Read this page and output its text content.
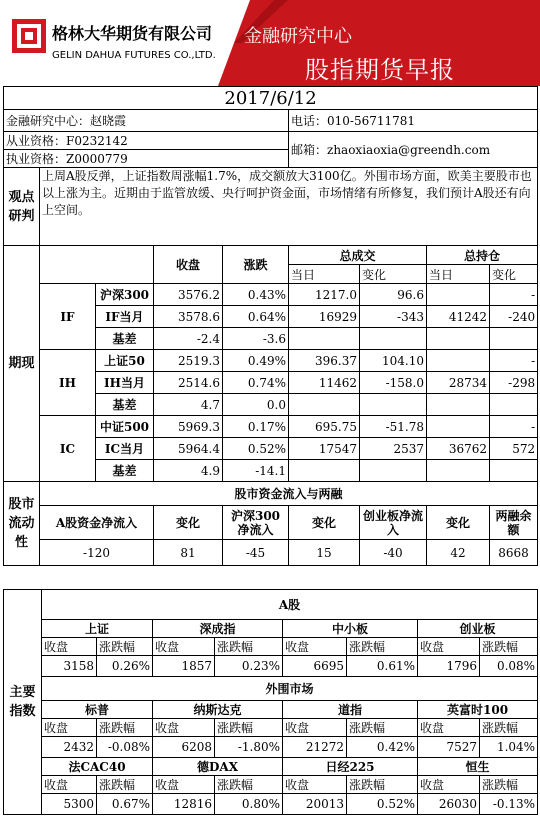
格林大华期货有限公司
GELIN DAHUA FUTURES CO.,LTD.
金融研究中心
股指期货早报
2017/6/12								
金融研究中心：赵晓霞					电话：010-56711781			
从业资格：F0232142					邮箱：zhaoxiaoxia@greendh.com			
执业资格：Z0000779								
观点研判	上周A股反弹，上证指数周涨幅1.7%，成交额放大3100亿。外围市场方面，欧美主要股市也以上涨为主。近期由于监管放缓、央行呵护资金面，市场情绪有所修复，我们预计A股还有向上空间。							
期现			收盘	涨跌	总成交		总持仓	
					当日	变化	当日	变化
	IF	沪深300	3576.2	0.43%	1217.0	96.6		-
		IF当月	3578.6	0.64%	16929	-343	41242	-240
		基差	-2.4	-3.6				
	IH	上证50	2519.3	0.49%	396.37	104.10		-
		IH当月	2514.6	0.74%	11462	-158.0	28734	-298
		基差	4.7	0.0				
	IC	中证500	5969.3	0.17%	695.75	-51.78		-
		IC当月	5964.4	0.52%	17547	2537	36762	572
		基差	4.9	-14.1				
股市流动性	股市资金流入与两融							
	A股资金净流入		变化	沪深300净流入	变化	创业板净流入	变化	两融余额
	-120		81	-45	15	-40	42	8668
主要指数	A股							
	上证		深成指		中小板		创业板	
	收盘	涨跌幅	收盘	涨跌幅	收盘	涨跌幅	收盘	涨跌幅
	3158	0.26%	1857	0.23%	6695	0.61%	1796	0.08%
	外围市场							
	标普		纳斯达克		道指		英富时100	
	收盘	涨跌幅	收盘	涨跌幅	收盘	涨跌幅	收盘	涨跌幅
	2432	-0.08%	6208	-1.80%	21272	0.42%	7527	1.04%
	法CAC40		德DAX		日经225		恒生	
	收盘	涨跌幅	收盘	涨跌幅	收盘	涨跌幅	收盘	涨跌幅
	5300	0.67%	12816	0.80%	20013	0.52%	26030	-0.13%
